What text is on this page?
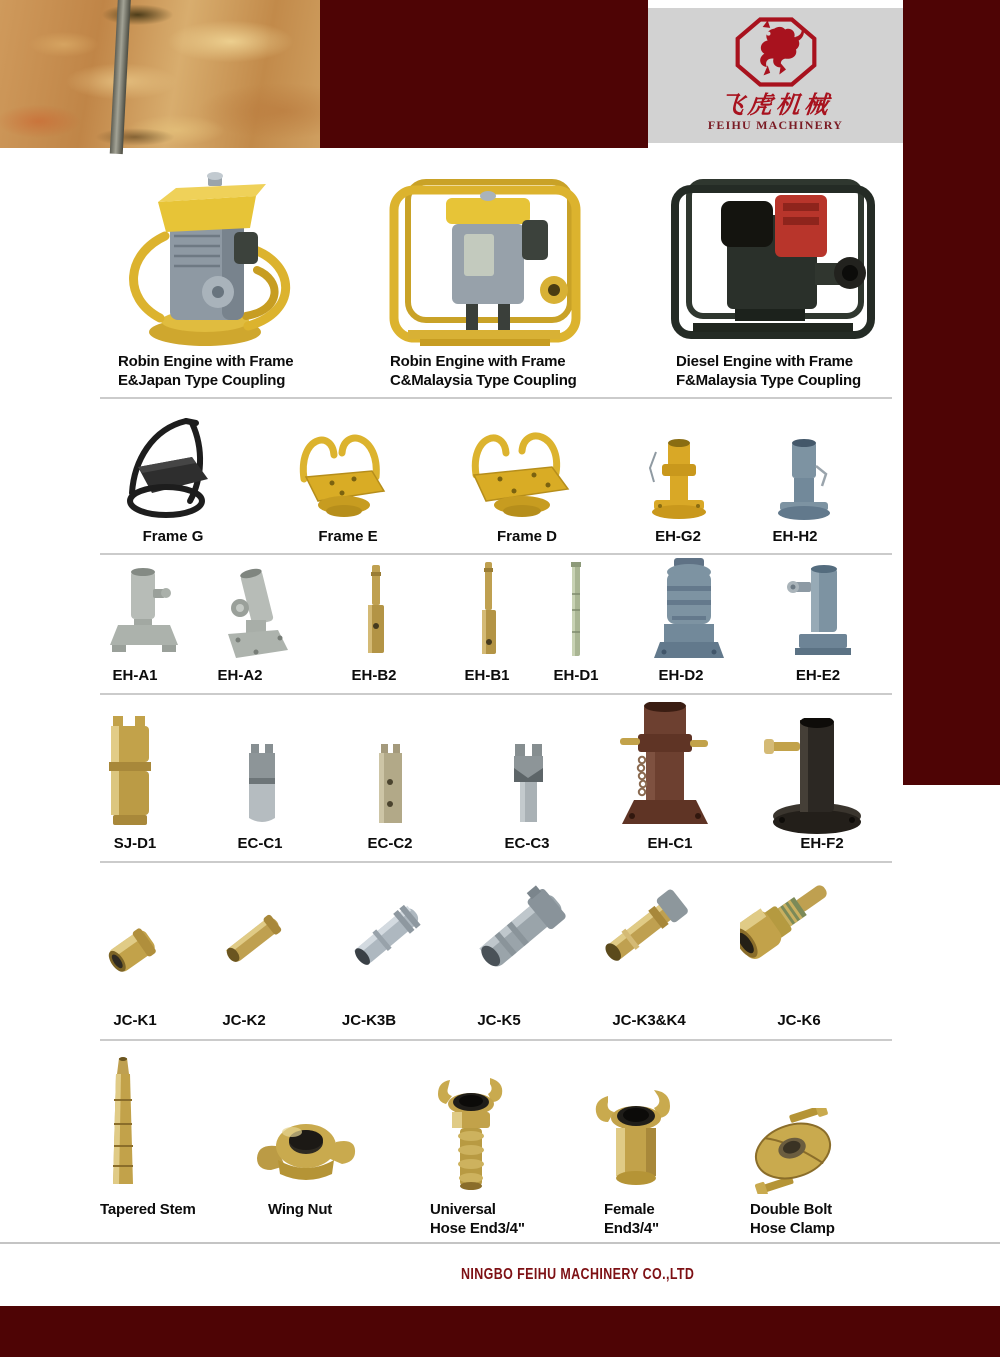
飞虎机械
FEIHU MACHINERY
Robin Engine with Frame
E&Japan Type Coupling
Robin Engine with Frame
C&Malaysia Type Coupling
Diesel Engine with Frame
F&Malaysia Type Coupling
Frame G	Frame E	Frame D	EH-G2	EH-H2
EH-A1	EH-A2	EH-B2	EH-B1	EH-D1	EH-D2	EH-E2
SJ-D1	EC-C1	EC-C2	EC-C3	EH-C1	EH-F2
JC-K1	JC-K2	JC-K3B	JC-K5	JC-K3&K4	JC-K6
Tapered Stem	Wing Nut	Universal
Hose End3/4"
Female
End3/4"
Double Bolt
Hose Clamp
NINGBO FEIHU MACHINERY CO.,LTD
